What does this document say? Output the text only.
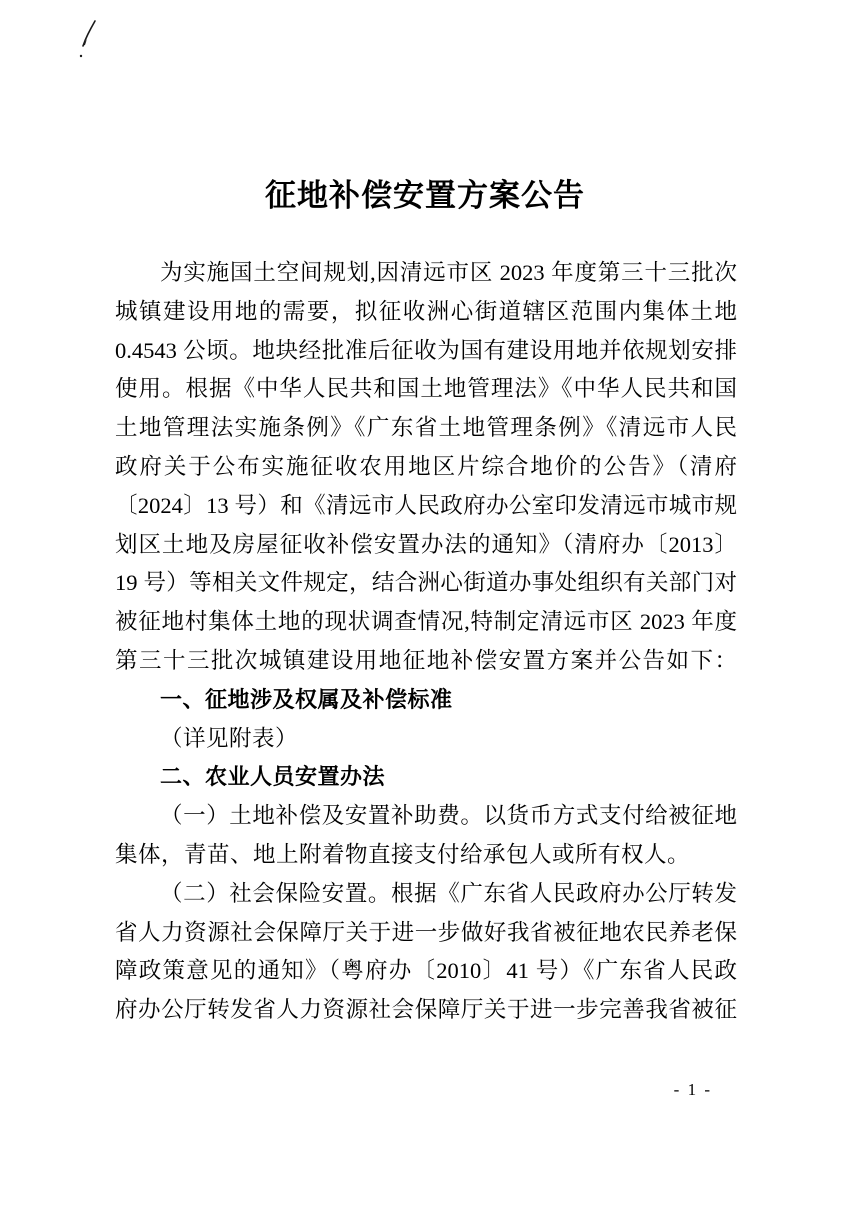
征地补偿安置方案公告
为实施国土空间规划,因清远市区 2023 年度第三十三批次
城镇建设用地的需要，拟征收洲心街道辖区范围内集体土地
0.4543 公顷。地块经批准后征收为国有建设用地并依规划安排
使用。根据《中华人民共和国土地管理法》《中华人民共和国
土地管理法实施条例》《广东省土地管理条例》《清远市人民
政府关于公布实施征收农用地区片综合地价的公告》（清府
〔2024〕13 号）和《清远市人民政府办公室印发清远市城市规
划区土地及房屋征收补偿安置办法的通知》（清府办〔2013〕
19 号）等相关文件规定，结合洲心街道办事处组织有关部门对
被征地村集体土地的现状调查情况,特制定清远市区 2023 年度
第三十三批次城镇建设用地征地补偿安置方案并公告如下：
一、征地涉及权属及补偿标准
（详见附表）
二、农业人员安置办法
（一）土地补偿及安置补助费。以货币方式支付给被征地
集体，青苗、地上附着物直接支付给承包人或所有权人。
（二）社会保险安置。根据《广东省人民政府办公厅转发
省人力资源社会保障厅关于进一步做好我省被征地农民养老保
障政策意见的通知》（粤府办〔2010〕41 号）《广东省人民政
府办公厅转发省人力资源社会保障厅关于进一步完善我省被征
- 1 -
